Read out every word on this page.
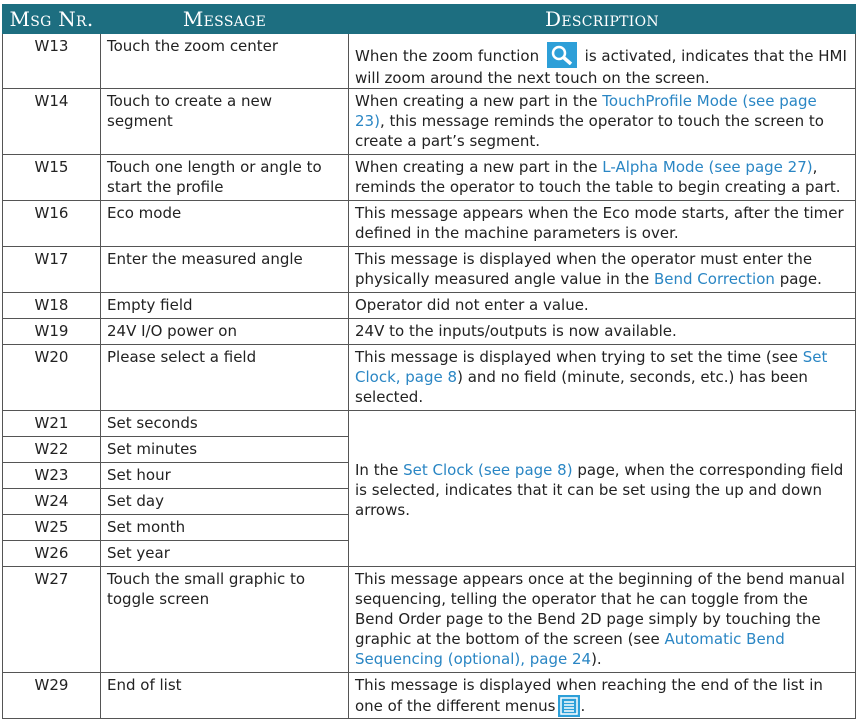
Msg Nr.	Message	Description
W13	Touch the zoom center	When the zoom function is activated, indicates that the HMI will zoom around the next touch on the screen.
W14	Touch to create a new segment	When creating a new part in the TouchProfile Mode (see page 23), this message reminds the operator to touch the screen to create a part’s segment.
W15	Touch one length or angle to start the profile	When creating a new part in the L-Alpha Mode (see page 27), reminds the operator to touch the table to begin creating a part.
W16	Eco mode	This message appears when the Eco mode starts, after the timer defined in the machine parameters is over.
W17	Enter the measured angle	This message is displayed when the operator must enter the physically measured angle value in the Bend Correction page.
W18	Empty field	Operator did not enter a value.
W19	24V I/O power on	24V to the inputs/outputs is now available.
W20	Please select a field	This message is displayed when trying to set the time (see Set Clock, page 8) and no field (minute, seconds, etc.) has been selected.
W21	Set seconds	In the Set Clock (see page 8) page, when the corresponding field is selected, indicates that it can be set using the up and down arrows.
W22	Set minutes	
W23	Set hour	
W24	Set day	
W25	Set month	
W26	Set year	
W27	Touch the small graphic to toggle screen	This message appears once at the beginning of the bend manual sequencing, telling the operator that he can toggle from the Bend Order page to the Bend 2D page simply by touching the graphic at the bottom of the screen (see Automatic Bend Sequencing (optional), page 24).
W29	End of list	This message is displayed when reaching the end of the list in one of the different menus .
